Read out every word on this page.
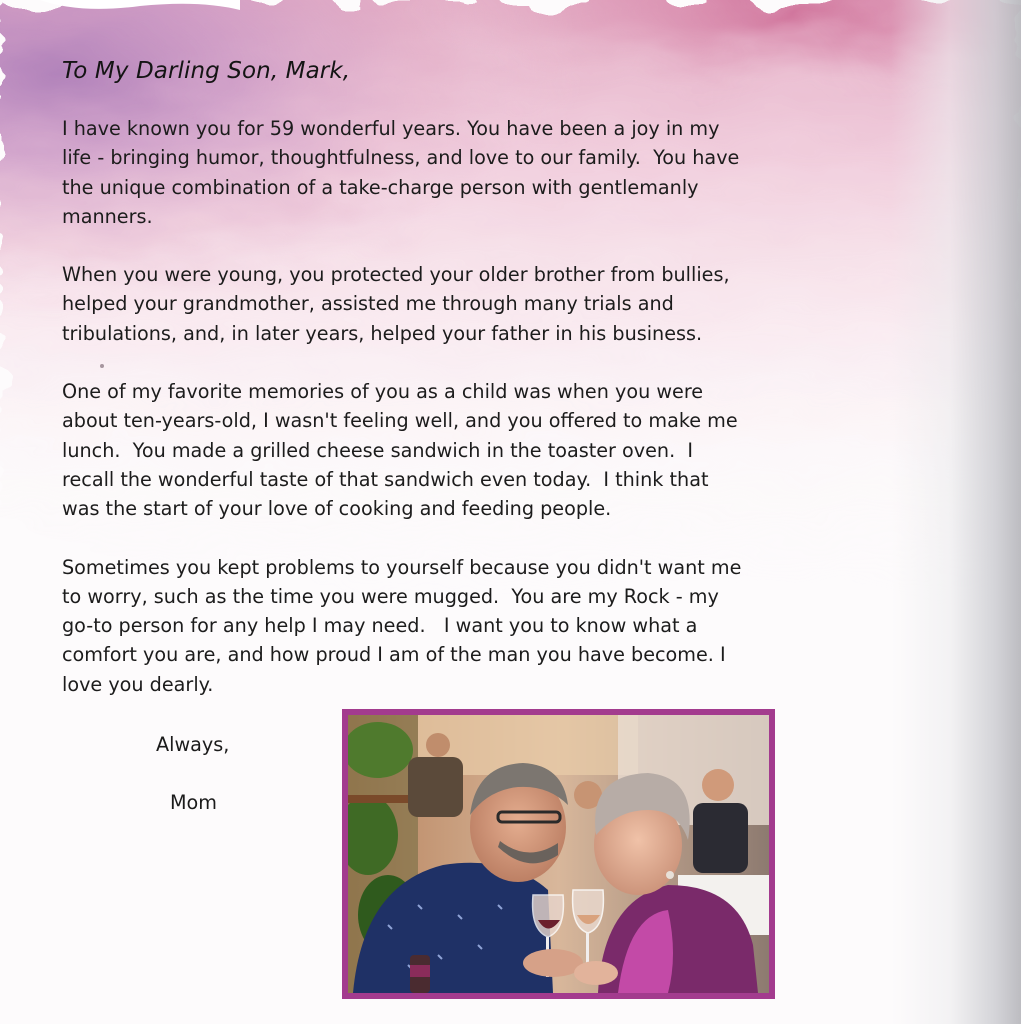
To My Darling Son, Mark,

I have known you for 59 wonderful years. You have been a joy in my
life - bringing humor, thoughtfulness, and love to our family.  You have
the unique combination of a take-charge person with gentlemanly
manners.

When you were young, you protected your older brother from bullies,
helped your grandmother, assisted me through many trials and
tribulations, and, in later years, helped your father in his business.

One of my favorite memories of you as a child was when you were
about ten-years-old, I wasn't feeling well, and you offered to make me
lunch.  You made a grilled cheese sandwich in the toaster oven.  I
recall the wonderful taste of that sandwich even today.  I think that
was the start of your love of cooking and feeding people.

Sometimes you kept problems to yourself because you didn't want me
to worry, such as the time you were mugged.  You are my Rock - my
go-to person for any help I may need.   I want you to know what a
comfort you are, and how proud I am of the man you have become. I
love you dearly.

Always,
Mom
